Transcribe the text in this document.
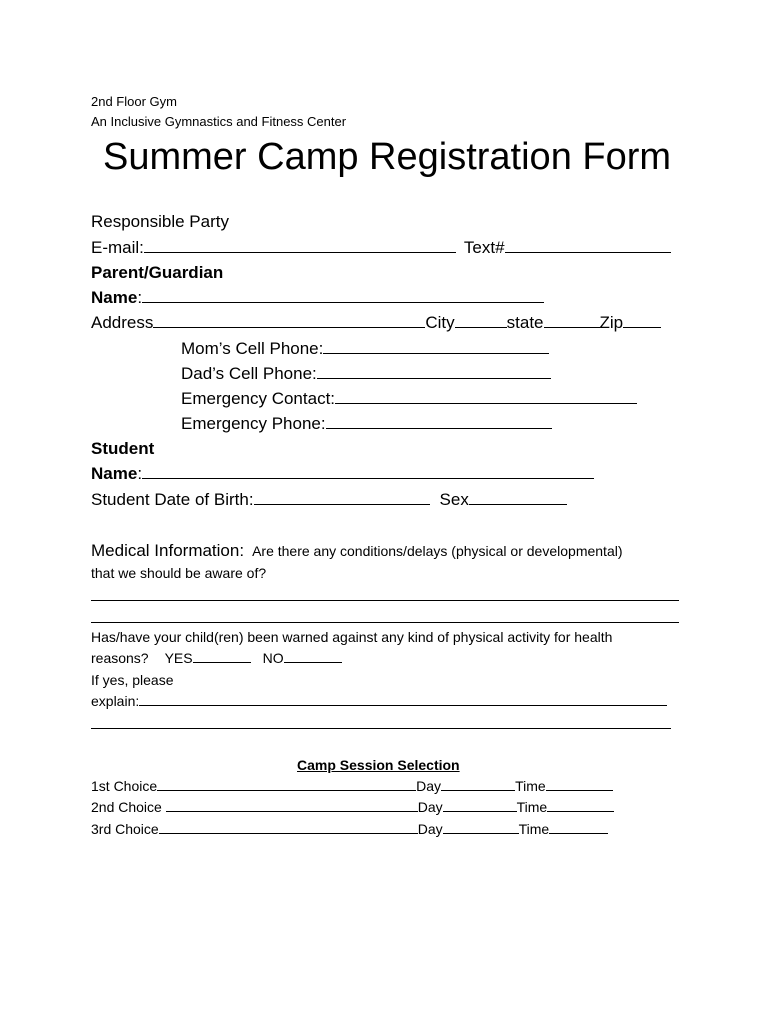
2nd Floor Gym
An Inclusive Gymnastics and Fitness Center
Summer Camp Registration Form
Responsible Party
E-mail:	Text#
Parent/Guardian
Name:
Address	City	state	Zip
Mom’s Cell Phone:
Dad’s Cell Phone:
Emergency Contact:
Emergency Phone:
Student
Name:
Student Date of Birth:	Sex
Medical Information: Are there any conditions/delays (physical or developmental)
that we should be aware of?
Has/have your child(ren) been warned against any kind of physical activity for health
reasons? YES	NO
If yes, please
explain:
Camp Session Selection
1st Choice	Day	Time
2nd Choice	Day	Time
3rd Choice	Day	Time
